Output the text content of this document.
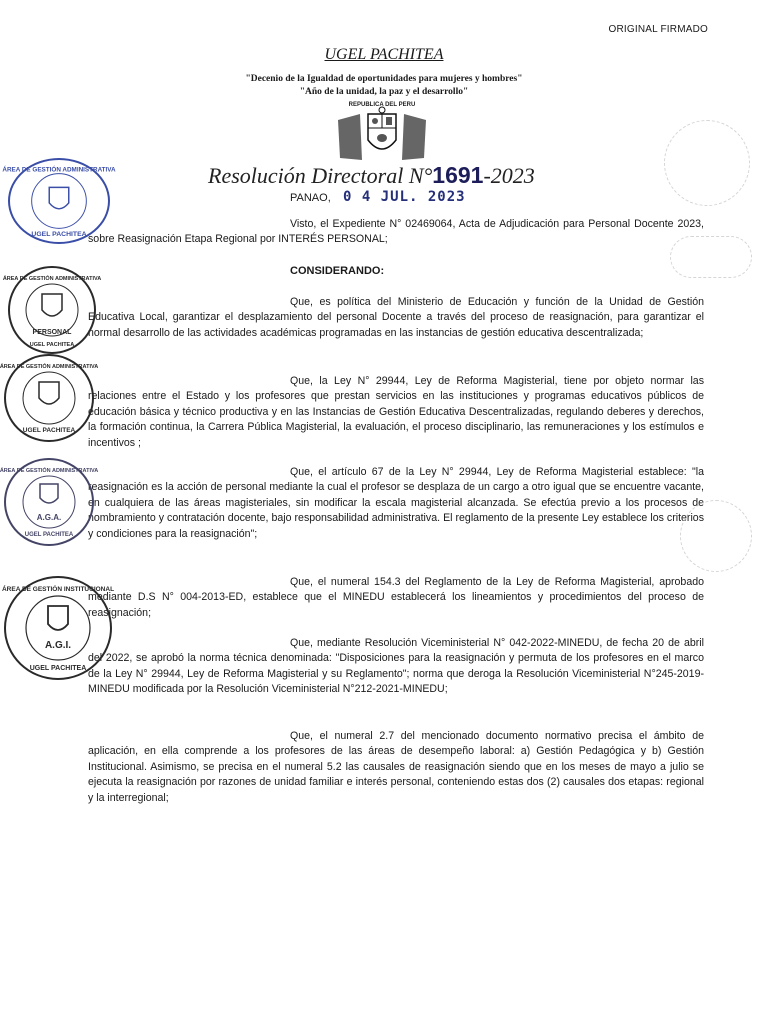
ORIGINAL FIRMADO
UGEL PACHITEA
"Decenio de la Igualdad de oportunidades para mujeres y hombres"
"Año de la unidad, la paz y el desarrollo"
REPUBLICA DEL PERU
Resolución Directoral N°1691-2023
PANAO, 0 4 JUL. 2023
Visto, el Expediente N° 02469064, Acta de Adjudicación para Personal Docente 2023, sobre Reasignación Etapa Regional por INTERÉS PERSONAL;
CONSIDERANDO:
Que, es política del Ministerio de Educación y función de la Unidad de Gestión Educativa Local, garantizar el desplazamiento del personal Docente a través del proceso de reasignación, para garantizar el normal desarrollo de las actividades académicas programadas en las instancias de gestión educativa descentralizada;
Que, la Ley N° 29944, Ley de Reforma Magisterial, tiene por objeto normar las relaciones entre el Estado y los profesores que prestan servicios en las instituciones y programas educativos públicos de educación básica y técnico productiva y en las Instancias de Gestión Educativa Descentralizadas, regulando deberes y derechos, la formación continua, la Carrera Pública Magisterial, la evaluación, el proceso disciplinario, las remuneraciones y los estímulos e incentivos ;
Que, el artículo 67 de la Ley N° 29944, Ley de Reforma Magisterial establece: "la reasignación es la acción de personal mediante la cual el profesor se desplaza de un cargo a otro igual que se encuentre vacante, en cualquiera de las áreas magisteriales, sin modificar la escala magisterial alcanzada. Se efectúa previo a los procesos de nombramiento y contratación docente, bajo responsabilidad administrativa. El reglamento de la presente Ley establece los criterios y condiciones para la reasignación";
Que, el numeral 154.3 del Reglamento de la Ley de Reforma Magisterial, aprobado mediante D.S N° 004-2013-ED, establece que el MINEDU establecerá los lineamientos y procedimientos del proceso de reasignación;
Que, mediante Resolución Viceministerial N° 042-2022-MINEDU, de fecha 20 de abril del 2022, se aprobó la norma técnica denominada: "Disposiciones para la reasignación y permuta de los profesores en el marco de la Ley N° 29944, Ley de Reforma Magisterial y su Reglamento"; norma que deroga la Resolución Viceministerial N°245-2019-MINEDU modificada por la Resolución Viceministerial N°212-2021-MINEDU;
Que, el numeral 2.7 del mencionado documento normativo precisa el ámbito de aplicación, en ella comprende a los profesores de las áreas de desempeño laboral: a) Gestión Pedagógica y b) Gestión Institucional. Asimismo, se precisa en el numeral 5.2 las causales de reasignación siendo que en los meses de mayo a julio se ejecuta la reasignación por razones de unidad familiar e interés personal, conteniendo estas dos (2) causales dos etapas: regional y la interregional;
ÁREA DE GESTIÓN ADMINISTRATIVA
UGEL PACHITEA
ÁREA DE GESTIÓN ADMINISTRATIVA
PERSONAL
UGEL PACHITEA
ÁREA DE GESTIÓN ADMINISTRATIVA
UGEL PACHITEA
ÁREA DE GESTIÓN ADMINISTRATIVA
A.G.A.
UGEL PACHITEA
ÁREA DE GESTIÓN INSTITUCIONAL
A.G.I.
UGEL PACHITEA
